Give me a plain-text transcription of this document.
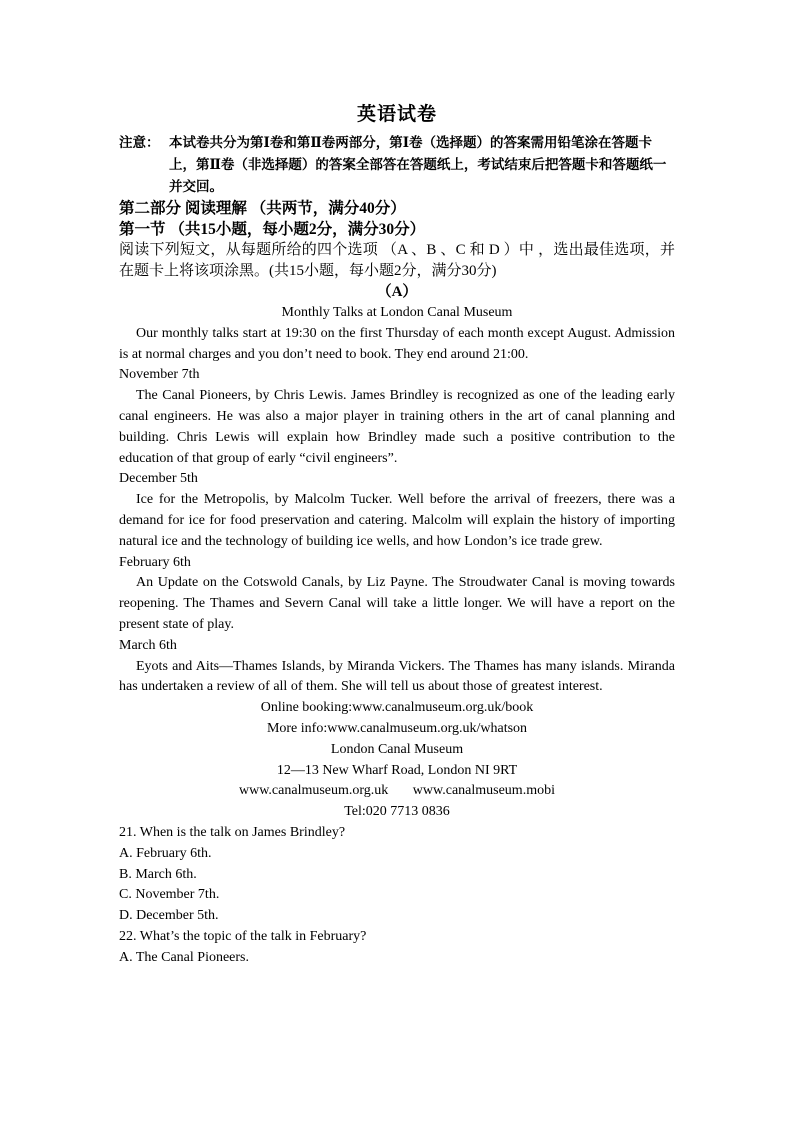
英语试卷
注意： 本试卷共分为第Ⅰ卷和第Ⅱ卷两部分，第Ⅰ卷（选择题）的答案需用铅笔涂在答题卡上，第Ⅱ卷（非选择题）的答案全部答在答题纸上，考试结束后把答题卡和答题纸一并交回。
第二部分 阅读理解 （共两节，满分40分）
第一节 （共15小题，每小题2分，满分30分）
阅读下列短文，从每题所给的四个选项 （A 、B 、C 和 D ）中 ，选出最佳选项，并在题卡上将该项涂黑。(共15小题，每小题2分，满分30分)
（A）
Monthly Talks at London Canal Museum
Our monthly talks start at 19:30 on the first Thursday of each month except August. Admission is at normal charges and you don’t need to book. They end around 21:00.
November 7th
The Canal Pioneers, by Chris Lewis. James Brindley is recognized as one of the leading early canal engineers. He was also a major player in training others in the art of canal planning and building. Chris Lewis will explain how Brindley made such a positive contribution to the education of that group of early “civil engineers”.
December 5th
Ice for the Metropolis, by Malcolm Tucker. Well before the arrival of freezers, there was a demand for ice for food preservation and catering. Malcolm will explain the history of importing natural ice and the technology of building ice wells, and how London’s ice trade grew.
February 6th
An Update on the Cotswold Canals, by Liz Payne. The Stroudwater Canal is moving towards reopening. The Thames and Severn Canal will take a little longer. We will have a report on the present state of play.
March 6th
Eyots and Aits—Thames Islands, by Miranda Vickers. The Thames has many islands. Miranda has undertaken a review of all of them. She will tell us about those of greatest interest.
Online booking:www.canalmuseum.org.uk/book
More info:www.canalmuseum.org.uk/whatson
London Canal Museum
12—13 New Wharf Road, London NI 9RT
www.canalmuseum.org.uk       www.canalmuseum.mobi
Tel:020 7713 0836
21. When is the talk on James Brindley?
A. February 6th.
B. March 6th.
C. November 7th.
D. December 5th.
22. What’s the topic of the talk in February?
A. The Canal Pioneers.
